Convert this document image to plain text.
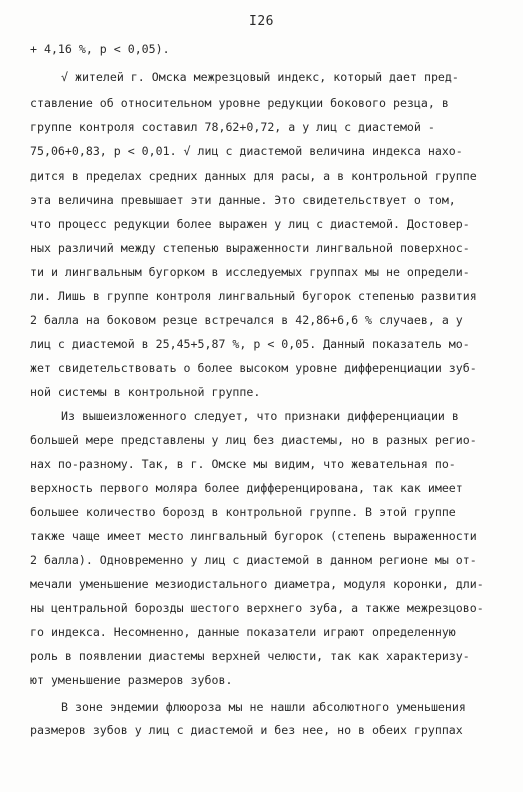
I26
+ 4,16 %, p < 0,05).
√ жителей г. Омска межрезцовый индекс, который дает пред-
ставление об относительном уровне редукции бокового резца, в
группе контроля составил 78,62+0,72, а у лиц с диастемой -
75,06+0,83, p < 0,01. √ лиц с диастемой величина индекса нахо-
дится в пределах средних данных для расы, а в контрольной группе
эта величина превышает эти данные. Это свидетельствует о том,
что процесс редукции более выражен у лиц с диастемой. Достовер-
ных различий между степенью выраженности лингвальной поверхнос-
ти и лингвальным бугорком в исследуемых группах мы не определи-
ли. Лишь в группе контроля лингвальный бугорок степенью развития
2 балла на боковом резце встречался в 42,86+6,6 % случаев, а у
лиц с диастемой в 25,45+5,87 %, p < 0,05. Данный показатель мо-
жет свидетельствовать о более высоком уровне дифференциации зуб-
ной системы в контрольной группе.
Из вышеизложенного следует, что признаки дифференциации в
большей мере представлены у лиц без диастемы, но в разных регио-
нах по-разному. Так, в г. Омске мы видим, что жевательная по-
верхность первого моляра более дифференцирована, так как имеет
большее количество борозд в контрольной группе. В этой группе
также чаще имеет место лингвальный бугорок (степень выраженности
2 балла). Одновременно у лиц с диастемой в данном регионе мы от-
мечали уменьшение мезиодистального диаметра, модуля коронки, дли-
ны центральной борозды шестого верхнего зуба, а также межрезцово-
го индекса. Несомненно, данные показатели играют определенную
роль в появлении диастемы верхней челюсти, так как характеризу-
ют уменьшение размеров зубов.
В зоне эндемии флюороза мы не нашли абсолютного уменьшения
размеров зубов у лиц с диастемой и без нее, но в обеих группах
